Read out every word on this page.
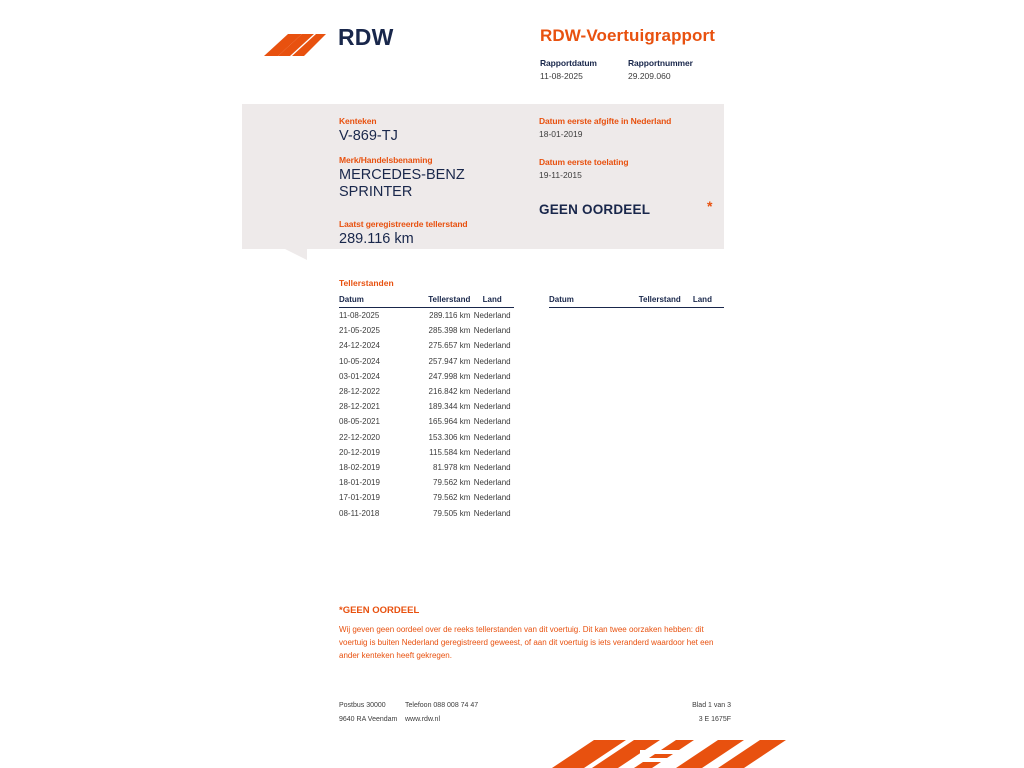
RDW	RDW-Voertuigrapport
Rapportdatum
11-08-2025
Rapportnummer
29.209.060
Kenteken
V-869-TJ
Merk/Handelsbenaming
MERCEDES-BENZ
SPRINTER
Laatst geregistreerde tellerstand
289.116 km
Datum eerste afgifte in Nederland
18-01-2019
Datum eerste toelating
19-11-2015
GEEN OORDEEL	*
Tellerstanden
Datum	Tellerstand	Land
11-08-2025	289.116 km	Nederland
21-05-2025	285.398 km	Nederland
24-12-2024	275.657 km	Nederland
10-05-2024	257.947 km	Nederland
03-01-2024	247.998 km	Nederland
28-12-2022	216.842 km	Nederland
28-12-2021	189.344 km	Nederland
08-05-2021	165.964 km	Nederland
22-12-2020	153.306 km	Nederland
20-12-2019	115.584 km	Nederland
18-02-2019	81.978 km	Nederland
18-01-2019	79.562 km	Nederland
17-01-2019	79.562 km	Nederland
08-11-2018	79.505 km	Nederland
Datum	Tellerstand	Land
*GEEN OORDEEL
Wij geven geen oordeel over de reeks tellerstanden van dit voertuig. Dit kan twee oorzaken hebben: dit voertuig is buiten Nederland geregistreerd geweest, of aan dit voertuig is iets veranderd waardoor het een ander kenteken heeft gekregen.
Postbus 30000	Telefoon 088 008 74 47	Blad 1 van 3
9640 RA Veendam	www.rdw.nl	3 E 1675F
